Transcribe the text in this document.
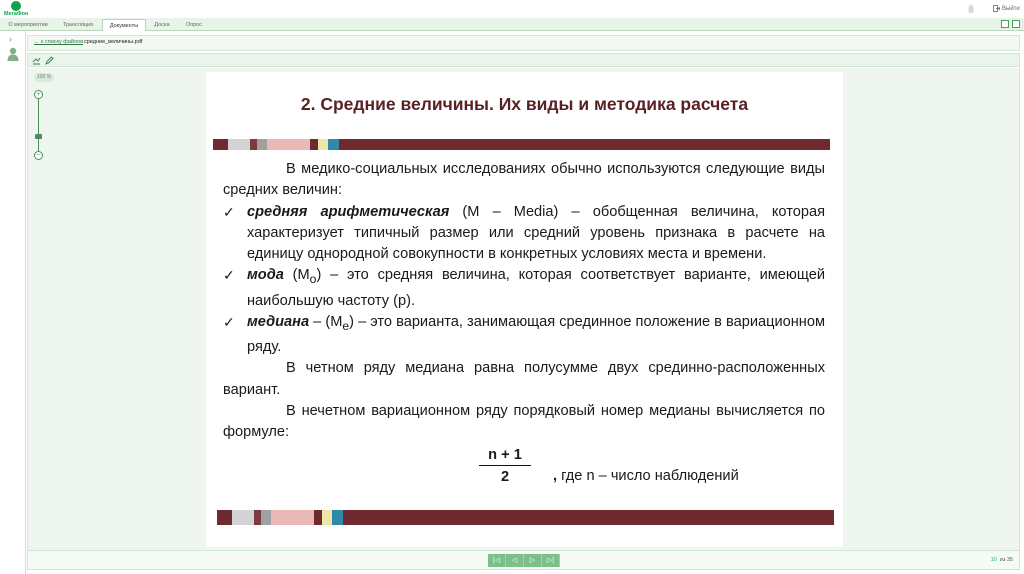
МегаФон
Выйти
О мероприятии	Трансляция	Документы	Доска	Опрос
›	← к списку файлов средние_величины.pdf
100 %
+
−
2. Средние величины. Их виды и методика расчета
В медико-социальных исследованиях обычно используются следующие виды средних величин:
✓ средняя арифметическая (М – Media) – обобщенная величина, которая характеризует типичный размер или средний уровень признака в расчете на единицу однородной совокупности в конкретных условиях места и времени.
✓ мода $(М_о)$ – это средняя величина, которая соответствует варианте, имеющей наибольшую частоту (р).
✓ медиана – $(М_е)$ – это варианта, занимающая срединное положение в вариационном ряду.
В четном ряду медиана равна полусумме двух срединно-расположенных вариант.
В нечетном вариационном ряду порядковый номер медианы вычисляется по формуле:
$\frac{n + 1}{2}$ , где n – число наблюдений
|◁	◁	▷	▷|	10 из 35
